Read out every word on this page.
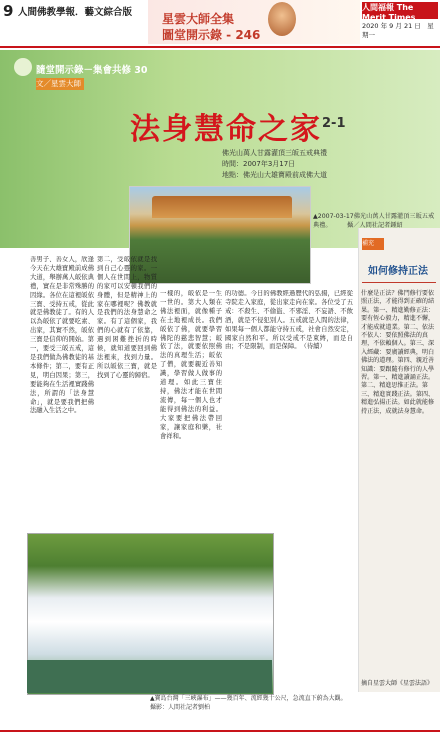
9 人間佛教學報．藝文綜合版 星雲大師全集
圖堂開示錄 - 246
人間福報 The Merit Times
2020 年 9 月 21 日　星期一
隨堂開示錄－集會共修 30
文／星雲大師
法身慧命之家 2-1
佛光山萬人甘露灌頂三皈五戒典禮
時間：2007年3月17日
地點：佛光山大雄寶殿前成佛大道
▲2007-03-17佛光山萬人甘露灌頂三皈五戒典禮。　　　攝／人間社記者鍾紹
善男子、善女人，欣逢今天在大雄寶殿前成佛大道，舉辦萬人皈依典禮，實在是非常殊勝的因緣。各位在這裡皈依三寶、受持五戒，從此就是佛教徒了。有的人以為皈依了就要吃素、出家，其實不然，皈依三寶是信仰的開始。第一，要受三皈五戒，這是我們做為佛教徒的基本條件；第二，要有正見，明白因果；第三，要能夠在生活裡實踐佛法，所謂的「法身慧命」，就是要我們把佛法融入生活之中。
第二，受皈依就是找到自己心靈的家。一個人在世間上，物質的家可以安頓我們的身體，但是精神上的家在哪裡呢？佛教就是我們的法身慧命之家。有了這個家，我們的心就有了依靠，遇到困難挫折的時候，就知道要回到佛法裡來，找到力量。所以皈依三寶，就是找到了心靈的歸宿。
一樣的，皈依是一生一世的。第大人類在佛法裡面，就像種子在土地裡成長。我們皈依了佛，就要學習佛陀的慈悲智慧；皈依了法，就要依照佛法的真理生活；皈依了僧，就要親近善知識，學習做人做事的道理。如此三寶住持，佛法才能在世間流傳，每一個人也才能得到佛法的利益。大家要把佛法帶回家，讓家庭和樂，社會祥和。
的功德。今日的佛教經過歷代的弘揚，已經從寺院走入家庭，從出家走向在家。各位受了五戒：不殺生、不偷盜、不邪淫、不妄語、不飲酒，就是不侵犯別人。五戒就是人間的法律，如果每一個人都能守持五戒，社會自然安定，國家自然和平。所以受戒不是束縛，而是自由；不是限制，而是保障。　（待續）
補充
如何修持正法
什麼是正法？佛門修行要依照正法，才能得到正確的結果。第一、精進勤修正法：要有恆心毅力，精進不懈，才能成就道業。第二、依法不依人：要依照佛法的真理，不依賴個人。第三、深入經藏：要廣讀經典，明白佛法的道理。第四、親近善知識：要跟隨有修行的人學習。第一、精進讀誦正法。第二、精進思惟正法。第三、精進實踐正法。第四、精進弘揚正法。如此就能修持正法，成就法身慧命。
摘自星雲大師《星雲法語》
▲寶島台灣「三峽瀑布」——幾百年、流經幾十公尺，急流直下蔚為大觀。 攝影：人間社記者劉柏
